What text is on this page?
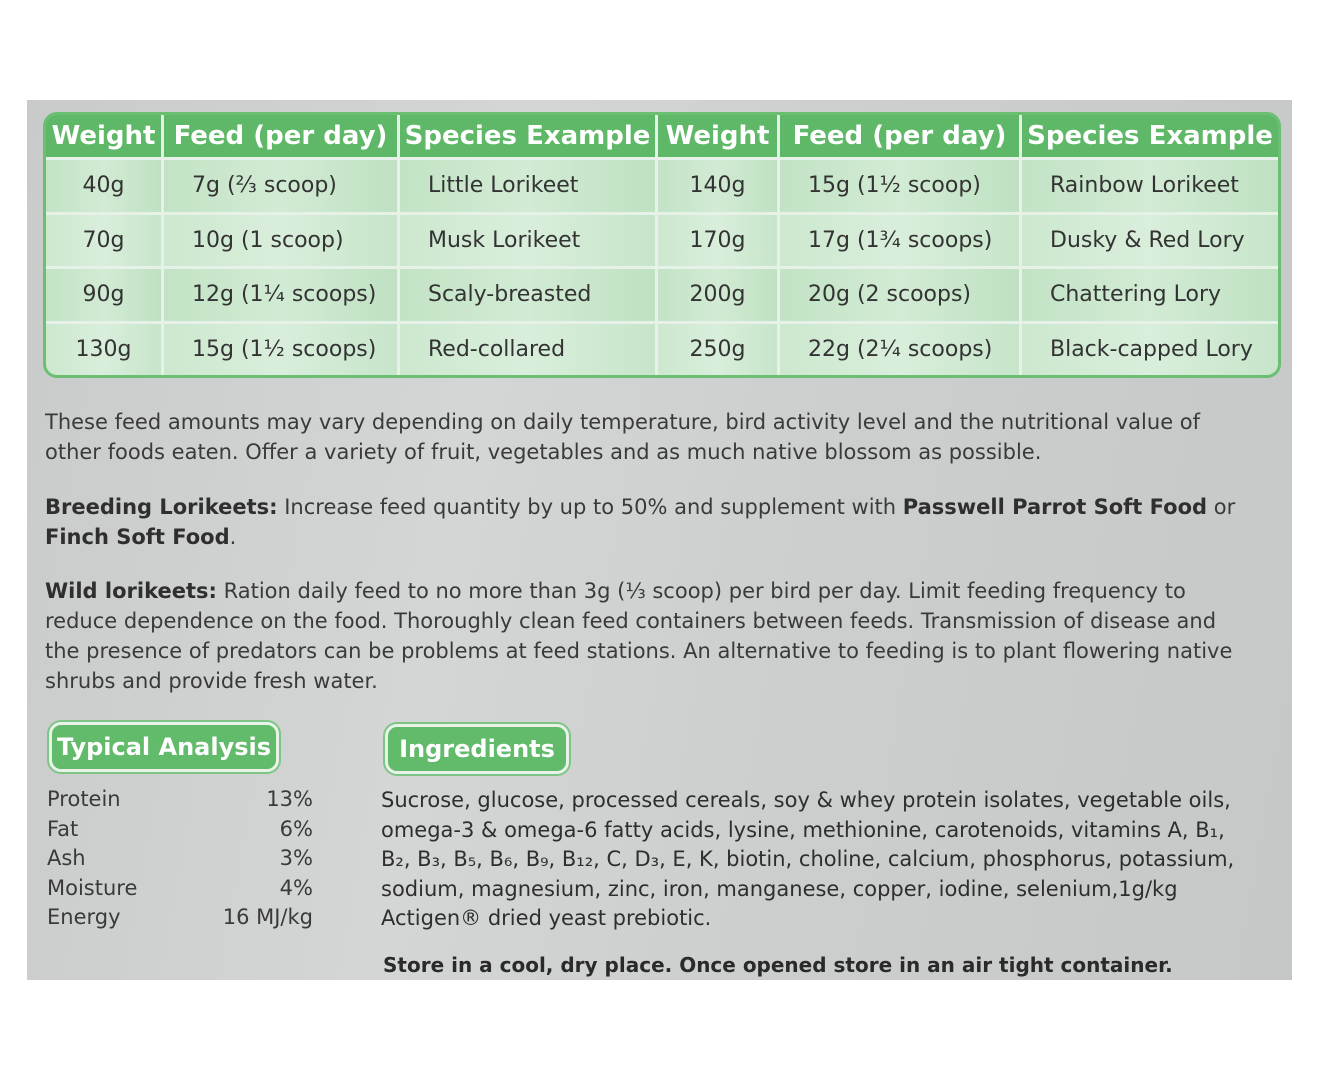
Weight	Feed (per day)	Species Example	Weight	Feed (per day)	Species Example
40g	7g (⅔ scoop)	Little Lorikeet	140g	15g (1½ scoop)	Rainbow Lorikeet
70g	10g (1 scoop)	Musk Lorikeet	170g	17g (1¾ scoops)	Dusky & Red Lory
90g	12g (1¼ scoops)	Scaly-breasted	200g	20g (2 scoops)	Chattering Lory
130g	15g (1½ scoops)	Red-collared	250g	22g (2¼ scoops)	Black-capped Lory

These feed amounts may vary depending on daily temperature, bird activity level and the nutritional value of other foods eaten. Offer a variety of fruit, vegetables and as much native blossom as possible.

Breeding Lorikeets: Increase feed quantity by up to 50% and supplement with Passwell Parrot Soft Food or Finch Soft Food.

Wild lorikeets: Ration daily feed to no more than 3g (⅓ scoop) per bird per day. Limit feeding frequency to reduce dependence on the food. Thoroughly clean feed containers between feeds. Transmission of disease and the presence of predators can be problems at feed stations. An alternative to feeding is to plant flowering native shrubs and provide fresh water.

Typical Analysis	Ingredients
Protein	13%
Fat	6%
Ash	3%
Moisture	4%
Energy	16 MJ/kg

Sucrose, glucose, processed cereals, soy & whey protein isolates, vegetable oils, omega-3 & omega-6 fatty acids, lysine, methionine, carotenoids, vitamins A, B₁, B₂, B₃, B₅, B₆, B₉, B₁₂, C, D₃, E, K, biotin, choline, calcium, phosphorus, potassium, sodium, magnesium, zinc, iron, manganese, copper, iodine, selenium,1g/kg Actigen® dried yeast prebiotic.

Store in a cool, dry place. Once opened store in an air tight container.
